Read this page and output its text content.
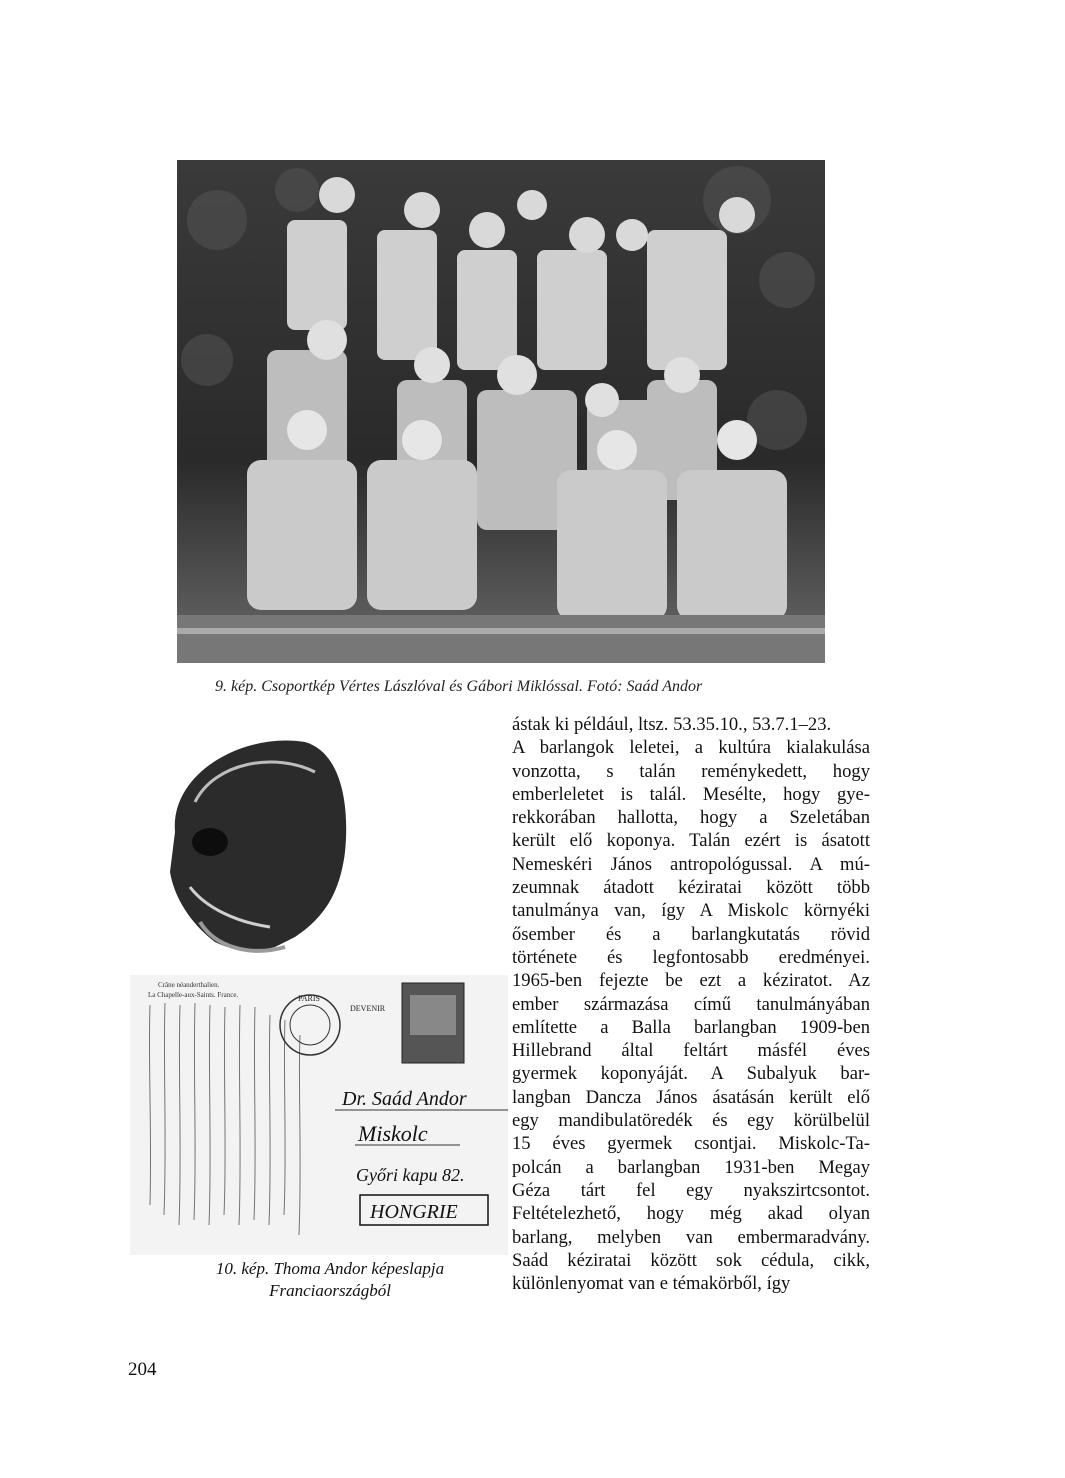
9. kép. Csoportkép Vértes Lászlóval és Gábori Miklóssal. Fotó: Saád Andor
Crâne néanderthalien.
La Chapelle-aux-Saints. France.	PARIS
DEVENIR
Dr. Saád Andor
Miskolc
Győri kapu 82.
HONGRIE
10. kép. Thoma Andor képeslapja
Franciaországból
ástak ki például, ltsz. 53.35.10., 53.7.1–23.
A barlangok leletei, a kultúra kialakulása
vonzotta, s talán reménykedett, hogy
emberleletet is talál. Mesélte, hogy gye-
rekkorában hallotta, hogy a Szeletában
került elő koponya. Talán ezért is ásatott
Nemeskéri János antropológussal. A mú-
zeumnak átadott kéziratai között több
tanulmánya van, így A Miskolc környéki
ősember és a barlangkutatás rövid
története és legfontosabb eredményei.
1965-ben fejezte be ezt a kéziratot. Az
ember származása című tanulmányában
említette a Balla barlangban 1909-ben
Hillebrand által feltárt másfél éves
gyermek koponyáját. A Subalyuk bar-
langban Dancza János ásatásán került elő
egy mandibulatöredék és egy körülbelül
15 éves gyermek csontjai. Miskolc-Ta-
polcán a barlangban 1931-ben Megay
Géza tárt fel egy nyakszirtcsontot.
Feltételezhető, hogy még akad olyan
barlang, melyben van embermaradvány.
Saád kéziratai között sok cédula, cikk,
különlenyomat van e témakörből, így
204
